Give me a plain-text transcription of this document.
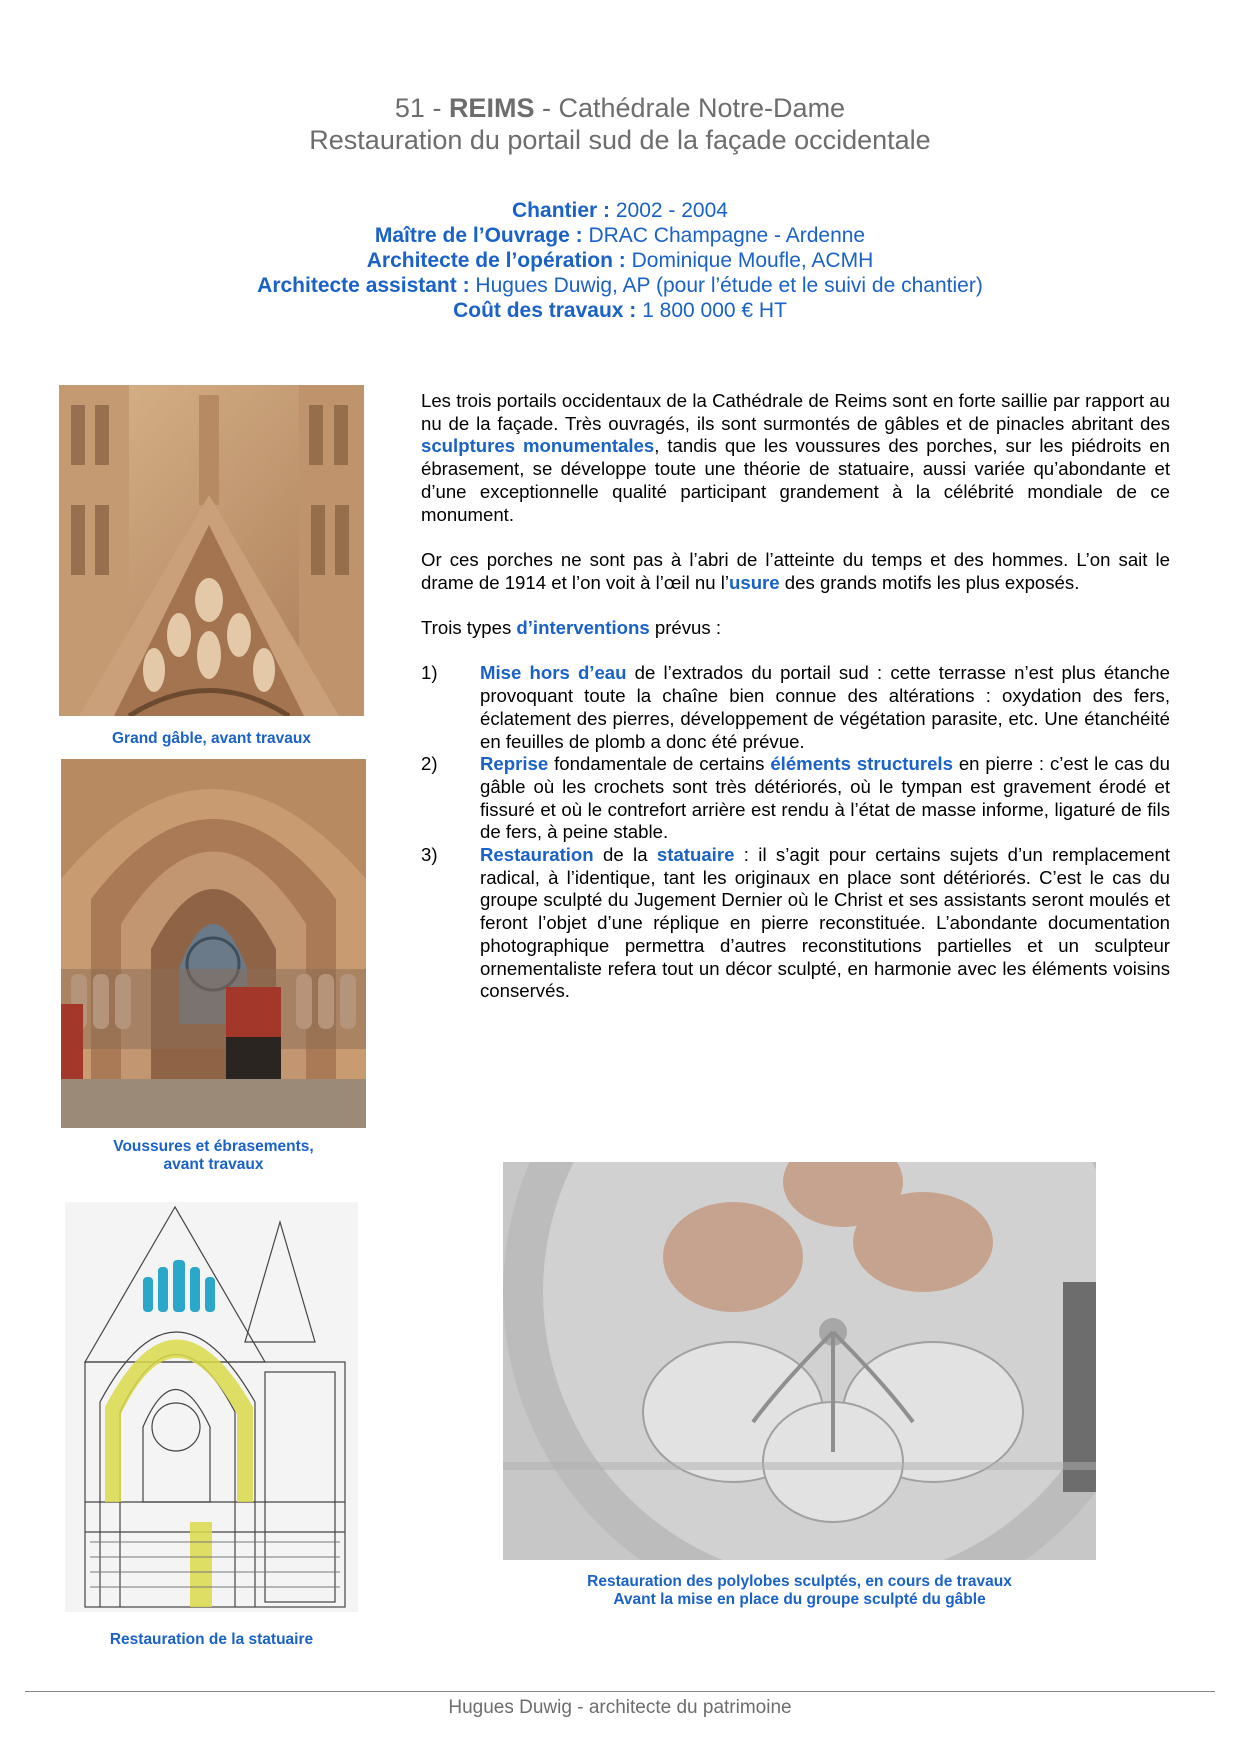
51 - REIMS - Cathédrale Notre-Dame
Restauration du portail sud de la façade occidentale
Chantier : 2002 - 2004
Maître de l’Ouvrage : DRAC Champagne - Ardenne
Architecte de l’opération : Dominique Moufle, ACMH
Architecte assistant : Hugues Duwig, AP (pour l’étude et le suivi de chantier)
Coût des travaux : 1 800 000 € HT

Les trois portails occidentaux de la Cathédrale de Reims sont en forte saillie par rapport au nu de la façade. Très ouvragés, ils sont surmontés de gâbles et de pinacles abritant des sculptures monumentales, tandis que les voussures des porches, sur les piédroits en ébrasement, se développe toute une théorie de statuaire, aussi variée qu’abondante et d’une exceptionnelle qualité participant grandement à la célébrité mondiale de ce monument.

Or ces porches ne sont pas à l’abri de l’atteinte du temps et des hommes. L’on sait le drame de 1914 et l’on voit à l’œil nu l’usure des grands motifs les plus exposés.

Trois types d’interventions prévus :

1)	Mise hors d’eau de l’extrados du portail sud : cette terrasse n’est plus étanche provoquant toute la chaîne bien connue des altérations : oxydation des fers, éclatement des pierres, développement de végétation parasite, etc. Une étanchéité en feuilles de plomb a donc été prévue.
2)	Reprise fondamentale de certains éléments structurels en pierre : c’est le cas du gâble où les crochets sont très détériorés, où le tympan est gravement érodé et fissuré et où le contrefort arrière est rendu à l’état de masse informe, ligaturé de fils de fers, à peine stable.
3)	Restauration de la statuaire : il s’agit pour certains sujets d’un remplacement radical, à l’identique, tant les originaux en place sont détériorés. C’est le cas du groupe sculpté du Jugement Dernier où le Christ et ses assistants seront moulés et feront l’objet d’une réplique en pierre reconstituée. L’abondante documentation photographique permettra d’autres reconstitutions partielles et un sculpteur ornementaliste refera tout un décor sculpté, en harmonie avec les éléments voisins conservés.
Grand gâble, avant travaux
Voussures et ébrasements,
avant travaux
Restauration de la statuaire
Restauration des polylobes sculptés, en cours de travaux
Avant la mise en place du groupe sculpté du gâble
Hugues Duwig - architecte du patrimoine
